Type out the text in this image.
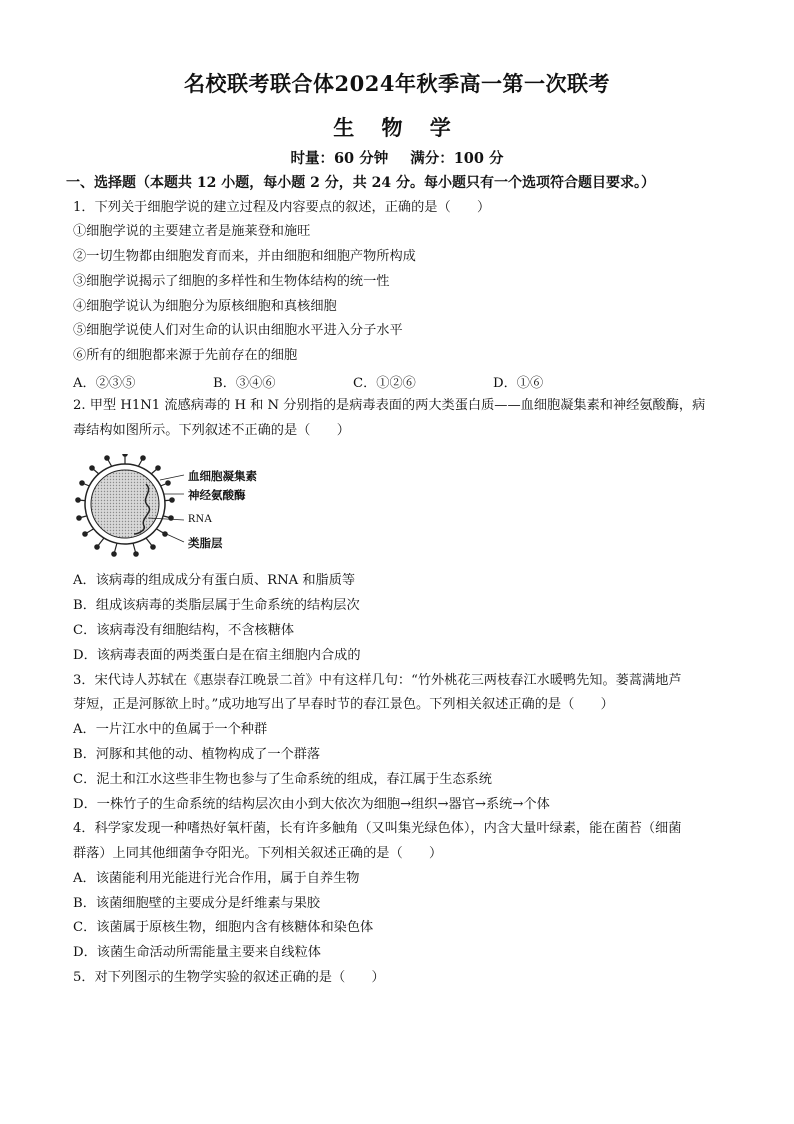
名校联考联合体2024年秋季高一第一次联考
生 物 学
时量：60 分钟 满分：100 分
一、选择题（本题共 12 小题，每小题 2 分，共 24 分。每小题只有一个选项符合题目要求。）
1．下列关于细胞学说的建立过程及内容要点的叙述，正确的是（　　）
①细胞学说的主要建立者是施莱登和施旺
②一切生物都由细胞发育而来，并由细胞和细胞产物所构成
③细胞学说揭示了细胞的多样性和生物体结构的统一性
④细胞学说认为细胞分为原核细胞和真核细胞
⑤细胞学说使人们对生命的认识由细胞水平进入分子水平
⑥所有的细胞都来源于先前存在的细胞
A．②③⑤	B．③④⑥	C．①②⑥	D．①⑥
2. 甲型 H1N1 流感病毒的 H 和 N 分别指的是病毒表面的两大类蛋白质——血细胞凝集素和神经氨酸酶，病
毒结构如图所示。下列叙述不正确的是（　　）
血细胞凝集素
神经氨酸酶
RNA
类脂层
A．该病毒的组成成分有蛋白质、RNA 和脂质等
B．组成该病毒的类脂层属于生命系统的结构层次
C．该病毒没有细胞结构，不含核糖体
D．该病毒表面的两类蛋白是在宿主细胞内合成的
3．宋代诗人苏轼在《惠崇春江晚景二首》中有这样几句：“竹外桃花三两枝春江水暖鸭先知。蒌蒿满地芦
芽短，正是河豚欲上时。”成功地写出了早春时节的春江景色。下列相关叙述正确的是（　　）
A．一片江水中的鱼属于一个种群
B．河豚和其他的动、植物构成了一个群落
C．泥土和江水这些非生物也参与了生命系统的组成，春江属于生态系统
D．一株竹子的生命系统的结构层次由小到大依次为细胞→组织→器官→系统→个体
4．科学家发现一种嗜热好氧杆菌，长有许多触角（又叫集光绿色体），内含大量叶绿素，能在菌苔（细菌
群落）上同其他细菌争夺阳光。下列相关叙述正确的是（　　）
A．该菌能利用光能进行光合作用，属于自养生物
B．该菌细胞壁的主要成分是纤维素与果胶
C．该菌属于原核生物，细胞内含有核糖体和染色体
D．该菌生命活动所需能量主要来自线粒体
5．对下列图示的生物学实验的叙述正确的是（　　）
